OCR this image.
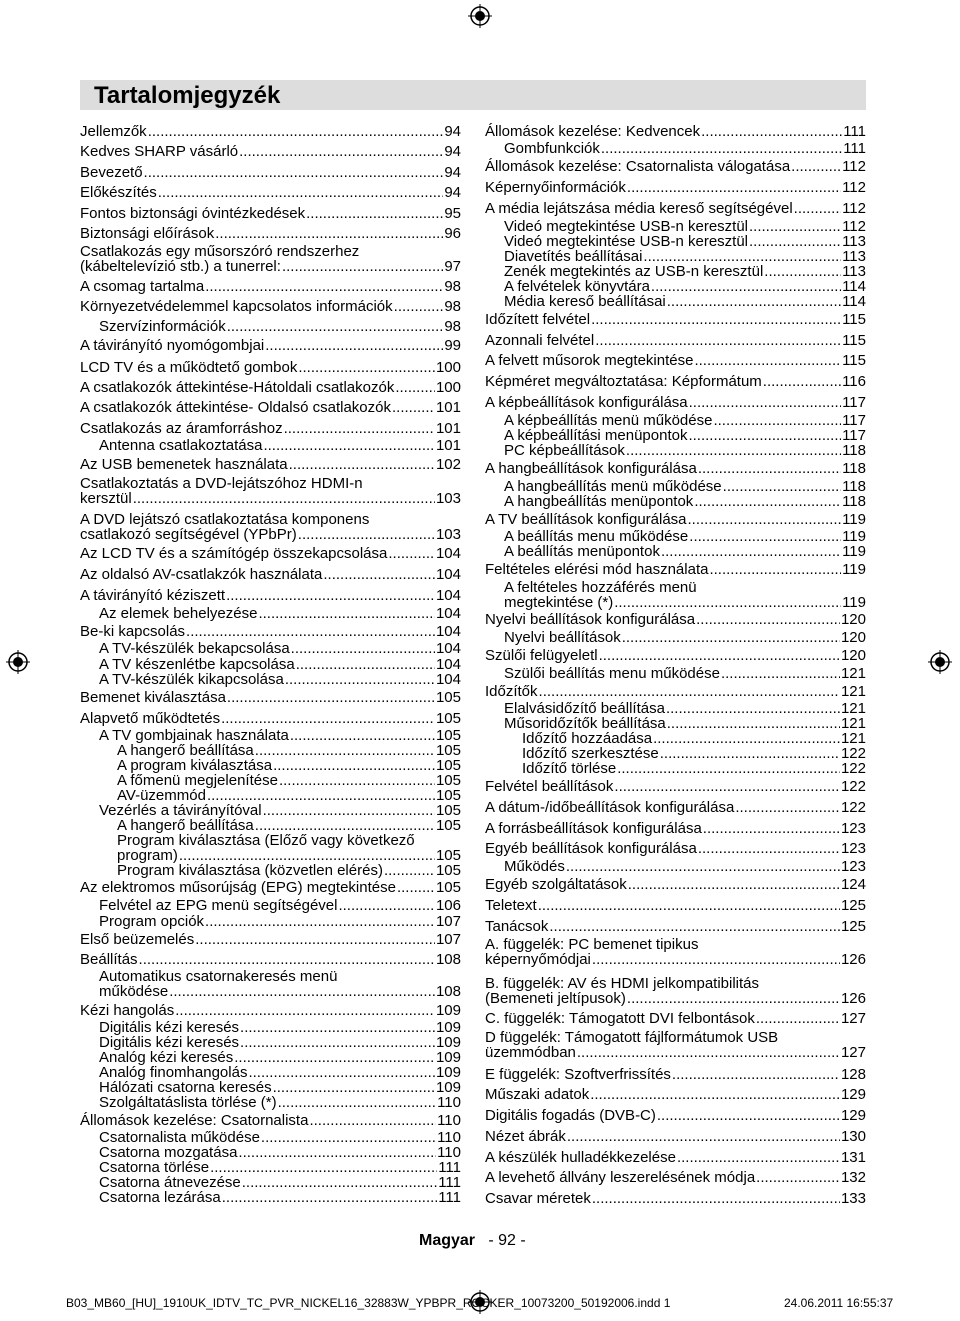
Tartalomjegyzék
Jellemzők .....	94
Kedves SHARP vásárló .....	94
Bevezető .....	94
Előkészítés .....	94
Fontos biztonsági óvintézkedések .....	95
Biztonsági előírások .....	96
Csatlakozás egy műsorszóró rendszerhez
(kábeltelevízió stb.) a tunerrel: .....	97
A csomag tartalma .....	98
Környezetvédelemmel kapcsolatos információk .....	98
Szervízinformációk .....	98
A távirányító nyomógombjai .....	99
LCD TV és a működtető gombok .....	100
A csatlakozók áttekintése-Hátoldali csatlakozók .....	100
A csatlakozók áttekintése- Oldalsó csatlakozók .....	101
Csatlakozás az áramforráshoz .....	101
Antenna csatlakoztatása .....	101
Az USB bemenetek használata .....	102
Csatlakoztatás a DVD-lejátszóhoz HDMI-n
kersztül .....	103
A DVD lejátszó csatlakoztatása komponens
csatlakozó segítségével (YPbPr) .....	103
Az LCD TV és a számítógép összekapcsolása .....	104
Az oldalsó AV-csatlakzók használata .....	104
A távirányító kéziszett .....	104
Az elemek behelyezése .....	104
Be-ki kapcsolás .....	104
A TV-készülék bekapcsolása .....	104
A TV készenlétbe kapcsolása .....	104
A TV-készülék kikapcsolása .....	104
Bemenet kiválasztása .....	105
Alapvető működtetés .....	105
A TV gombjainak használata .....	105
A hangerő beállítása .....	105
A program kiválasztása .....	105
A főmenü megjelenítése .....	105
AV-üzemmód .....	105
Vezérlés a távirányítóval .....	105
A hangerő beállítása .....	105
Program kiválasztása (Előző vagy következő
program) .....	105
Program kiválasztása (közvetlen elérés) .....	105
Az elektromos műsorújság (EPG) megtekintése .....	105
Felvétel az EPG menü segítségével .....	106
Program opciók .....	107
Első beüzemelés .....	107
Beállítás .....	108
Automatikus csatornakeresés menü
működése .....	108
Kézi hangolás .....	109
Digitális kézi keresés .....	109
Digitális kézi keresés .....	109
Analóg kézi keresés .....	109
Analóg finomhangolás .....	109
Hálózati csatorna keresés .....	109
Szolgáltatáslista törlése (*) .....	110
Állomások kezelése: Csatornalista .....	110
Csatornalista működése .....	110
Csatorna mozgatása .....	110
Csatorna törlése .....	111
Csatorna átnevezése .....	111
Csatorna lezárása .....	111
Állomások kezelése: Kedvencek .....	111
Gombfunkciók .....	111
Állomások kezelése: Csatornalista válogatása .....	112
Képernyőinformációk .....	112
A média lejátszása média kereső segítségével .....	112
Videó megtekintése USB-n keresztül .....	112
Videó megtekintése USB-n keresztül .....	113
Diavetítés beállításai .....	113
Zenék megtekintés az USB-n keresztül .....	113
A felvételek könyvtára .....	114
Média kereső beállításai .....	114
Időzített felvétel .....	115
Azonnali felvétel .....	115
A felvett műsorok megtekintése .....	115
Képméret megváltoztatása: Képformátum .....	116
A képbeállítások konfigurálása .....	117
A képbeállítás menü működése .....	117
A képbeállítási menüpontok .....	117
PC képbeállítások .....	118
A hangbeállítások konfigurálása .....	118
A hangbeállítás menü működése .....	118
A hangbeállítás menüpontok .....	118
A TV beállítások konfigurálása .....	119
A beállítás menu működése .....	119
A beállítás menüpontok .....	119
Feltételes elérési mód használata .....	119
A feltételes hozzáférés menü
megtekintése (*) .....	119
Nyelvi beállítások konfigurálása .....	120
Nyelvi beállítások .....	120
Szülői felügyeletl .....	120
Szülői beállítás menu működése .....	121
Időzítők .....	121
Elalvásidőzítő beállítása .....	121
Műsoridőzítők beállítása .....	121
Időzítő hozzáadása .....	121
Időzítő szerkesztése .....	122
Időzítő törlése .....	122
Felvétel beállítások .....	122
A dátum-/időbeállítások konfigurálása .....	122
A forrásbeállítások konfigurálása .....	123
Egyéb beállítások konfigurálása .....	123
Működés .....	123
Egyéb szolgáltatások .....	124
Teletext .....	125
Tanácsok .....	125
A. függelék: PC bemenet tipikus
képernyőmódjai .....	126
B. függelék: AV és HDMI jelkompatibilitás
(Bemeneti jeltípusok) .....	126
C. függelék: Támogatott DVI felbontások .....	127
D függelék: Támogatott fájlformátumok USB
üzemmódban .....	127
E függelék: Szoftverfrissítés .....	128
Műszaki adatok .....	129
Digitális fogadás (DVB-C) .....	129
Nézet ábrák .....	130
A készülék hulladékkezelése .....	131
A levehető állvány leszerelésének módja .....	132
Csavar méretek .....	133
Magyar - 92 -
B03_MB60_[HU]_1910UK_IDTV_TC_PVR_NICKEL16_32883W_YPBPR_ROCKER_10073200_50192006.indd 1	24.06.2011 16:55:37
